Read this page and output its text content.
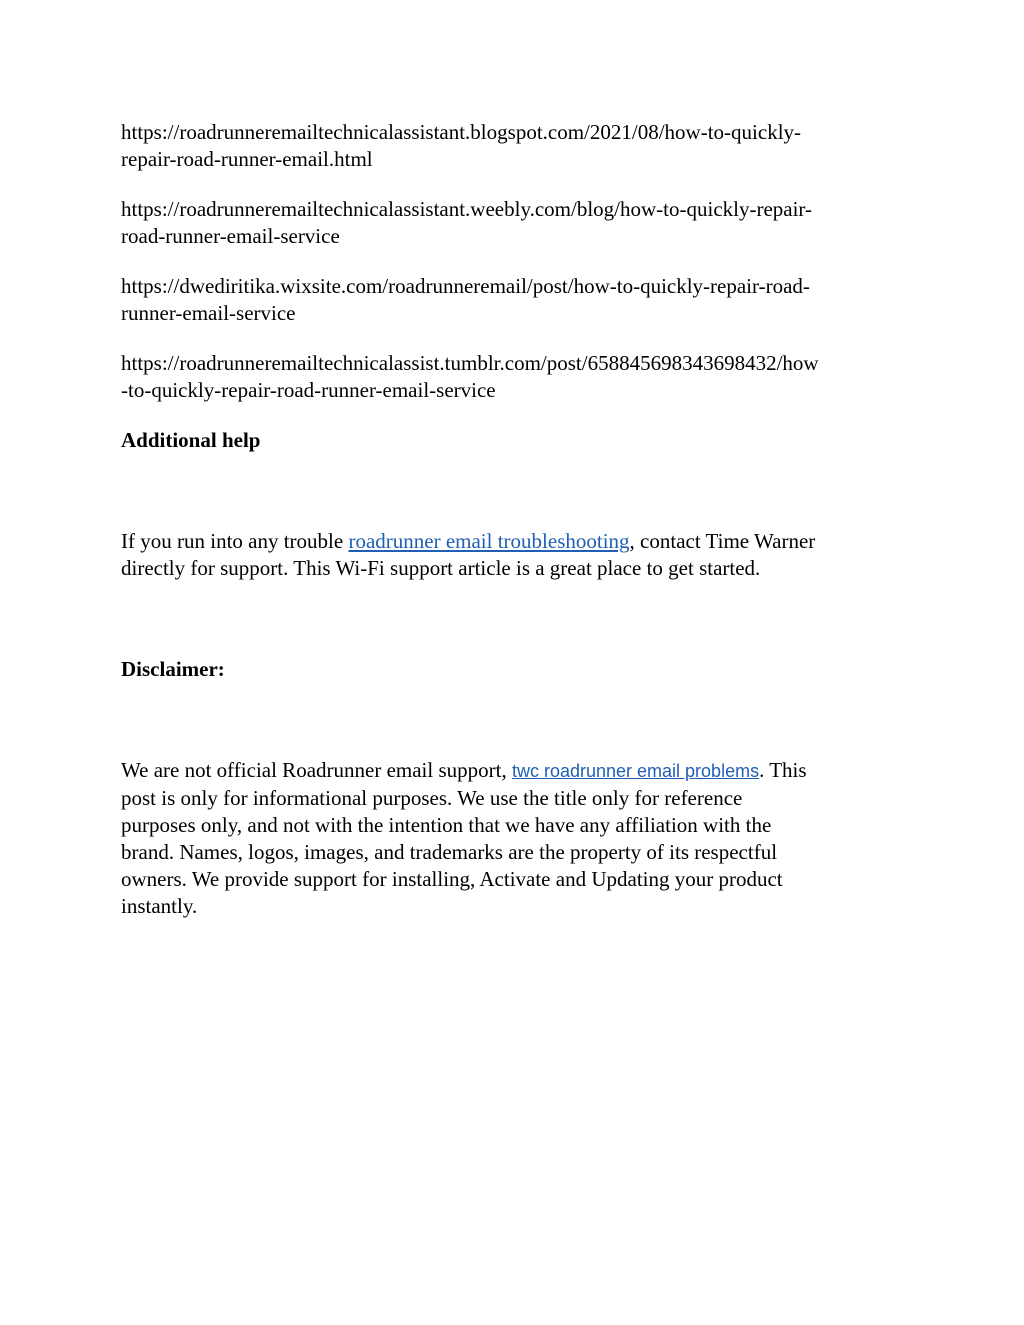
https://roadrunneremailtechnicalassistant.blogspot.com/2021/08/how-to-quickly-
repair-road-runner-email.html

https://roadrunneremailtechnicalassistant.weebly.com/blog/how-to-quickly-repair-
road-runner-email-service

https://dwediritika.wixsite.com/roadrunneremail/post/how-to-quickly-repair-road-
runner-email-service

https://roadrunneremailtechnicalassist.tumblr.com/post/658845698343698432/how
-to-quickly-repair-road-runner-email-service

Additional help

If you run into any trouble roadrunner email troubleshooting, contact Time Warner
directly for support. This Wi-Fi support article is a great place to get started.

Disclaimer:

We are not official Roadrunner email support, twc roadrunner email problems. This
post is only for informational purposes. We use the title only for reference
purposes only, and not with the intention that we have any affiliation with the
brand. Names, logos, images, and trademarks are the property of its respectful
owners. We provide support for installing, Activate and Updating your product
instantly.
